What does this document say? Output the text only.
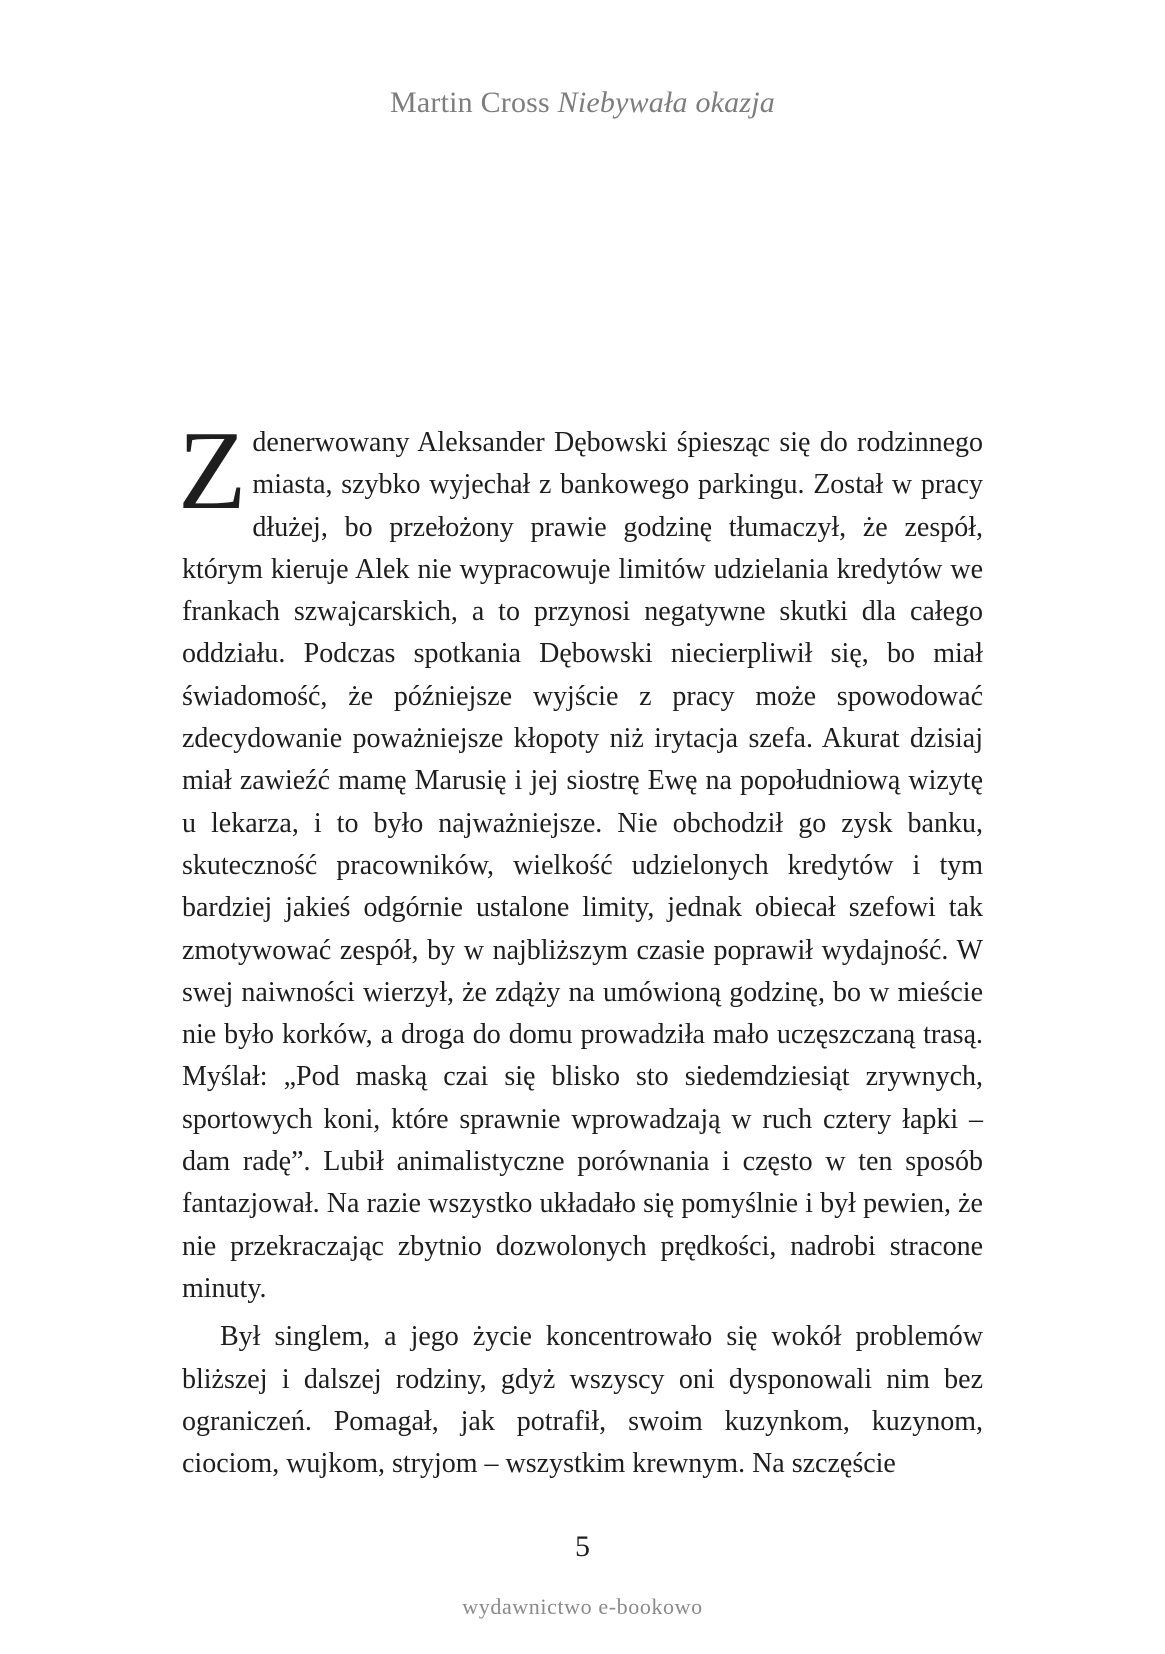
Martin Cross Niebywała okazja

Zdenerwowany Aleksander Dębowski śpiesząc się do rodzinnego miasta, szybko wyjechał z bankowego parkingu. Został w pracy dłużej, bo przełożony prawie godzinę tłumaczył, że zespół, którym kieruje Alek nie wypracowuje limitów udzielania kredytów we frankach szwajcarskich, a to przynosi negatywne skutki dla całego oddziału. Podczas spotkania Dębowski niecierpliwił się, bo miał świadomość, że późniejsze wyjście z pracy może spowodować zdecydowanie poważniejsze kłopoty niż irytacja szefa. Akurat dzisiaj miał zawieźć mamę Marusię i jej siostrę Ewę na popołudniową wizytę u lekarza, i to było najważniejsze. Nie obchodził go zysk banku, skuteczność pracowników, wielkość udzielonych kredytów i tym bardziej jakieś odgórnie ustalone limity, jednak obiecał szefowi tak zmotywować zespół, by w najbliższym czasie poprawił wydajność. W swej naiwności wierzył, że zdąży na umówioną godzinę, bo w mieście nie było korków, a droga do domu prowadziła mało uczęszczaną trasą. Myślał: „Pod maską czai się blisko sto siedemdziesiąt zrywnych, sportowych koni, które sprawnie wprowadzają w ruch cztery łapki – dam radę”. Lubił animalistyczne porównania i często w ten sposób fantazjował. Na razie wszystko układało się pomyślnie i był pewien, że nie przekraczając zbytnio dozwolonych prędkości, nadrobi stracone minuty.

Był singlem, a jego życie koncentrowało się wokół problemów bliższej i dalszej rodziny, gdyż wszyscy oni dysponowali nim bez ograniczeń. Pomagał, jak potrafił, swoim kuzynkom, kuzynom, ciociom, wujkom, stryjom – wszystkim krewnym. Na szczęście

5
wydawnictwo e-bookowo
